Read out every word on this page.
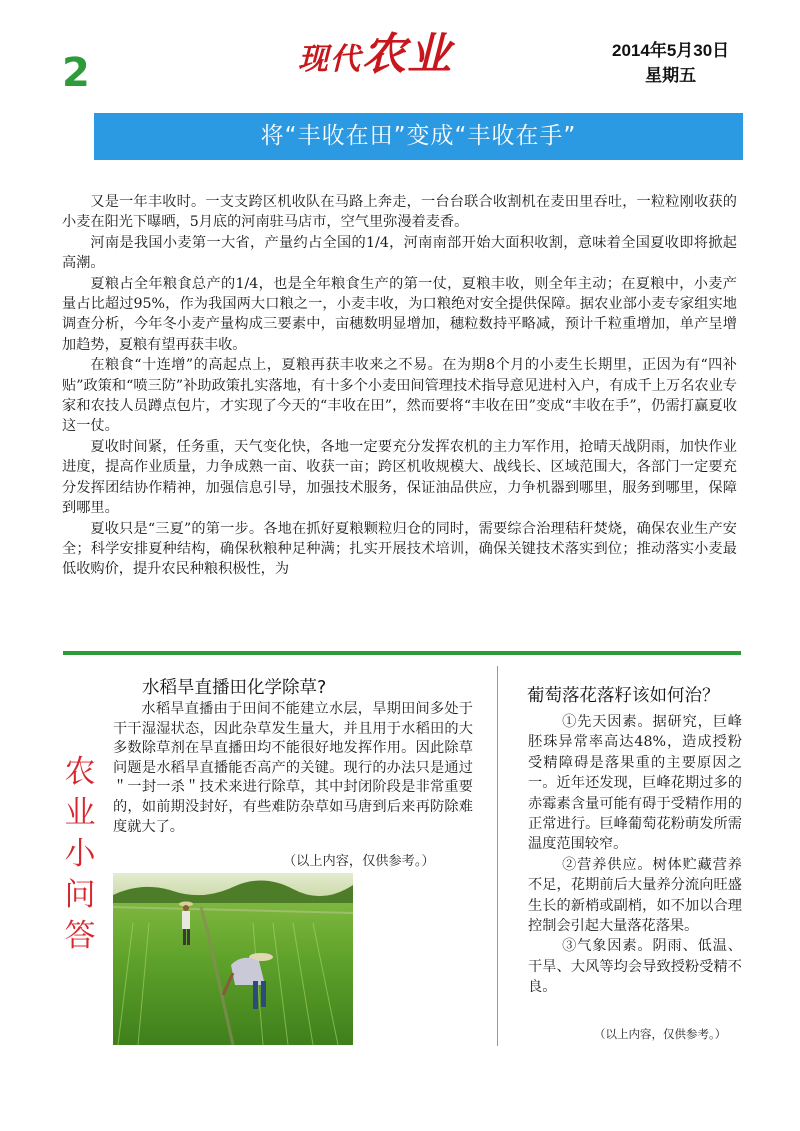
2	现代农业	2014年5月30日
星期五
将“丰收在田”变成“丰收在手”

又是一年丰收时。一支支跨区机收队在马路上奔走，一台台联合收割机在麦田里吞吐，一粒粒刚收获的小麦在阳光下曝晒，5月底的河南驻马店市，空气里弥漫着麦香。

河南是我国小麦第一大省，产量约占全国的1/4，河南南部开始大面积收割，意味着全国夏收即将掀起高潮。

夏粮占全年粮食总产的1/4，也是全年粮食生产的第一仗，夏粮丰收，则全年主动；在夏粮中，小麦产量占比超过95%，作为我国两大口粮之一，小麦丰收，为口粮绝对安全提供保障。据农业部小麦专家组实地调查分析，今年冬小麦产量构成三要素中，亩穗数明显增加，穗粒数持平略减，预计千粒重增加，单产呈增加趋势，夏粮有望再获丰收。

在粮食“十连增”的高起点上，夏粮再获丰收来之不易。在为期8个月的小麦生长期里，正因为有“四补贴”政策和“喷三防”补助政策扎实落地，有十多个小麦田间管理技术指导意见进村入户，有成千上万名农业专家和农技人员蹲点包片，才实现了今天的“丰收在田”，然而要将“丰收在田”变成“丰收在手”，仍需打赢夏收这一仗。

夏收时间紧，任务重，天气变化快，各地一定要充分发挥农机的主力军作用，抢晴天战阴雨，加快作业进度，提高作业质量，力争成熟一亩、收获一亩；跨区机收规模大、战线长、区域范围大，各部门一定要充分发挥团结协作精神，加强信息引导，加强技术服务，保证油品供应，力争机器到哪里，服务到哪里，保障到哪里。

夏收只是“三夏”的第一步。各地在抓好夏粮颗粒归仓的同时，需要综合治理秸秆焚烧，确保农业生产安全；科学安排夏种结构，确保秋粮种足种满；扎实开展技术培训，确保关键技术落实到位；推动落实小麦最低收购价，提升农民种粮积极性，为

农业小问答
水稻旱直播田化学除草?

水稻旱直播由于田间不能建立水层，旱期田间多处于干干湿湿状态，因此杂草发生量大，并且用于水稻田的大多数除草剂在旱直播田均不能很好地发挥作用。因此除草问题是水稻旱直播能否高产的关键。现行的办法只是通过＂一封一杀＂技术来进行除草，其中封闭阶段是非常重要的，如前期没封好，有些难防杂草如马唐到后来再防除难度就大了。

（以上内容，仅供参考。）
葡萄落花落籽该如何治？

①先天因素。据研究，巨峰胚珠异常率高达48%，造成授粉受精障碍是落果重的主要原因之一。近年还发现，巨峰花期过多的赤霉素含量可能有碍于受精作用的正常进行。巨峰葡萄花粉萌发所需温度范围较窄。

②营养供应。树体贮藏营养不足，花期前后大量养分流向旺盛生长的新梢或副梢，如不加以合理控制会引起大量落花落果。

③气象因素。阴雨、低温、干旱、大风等均会导致授粉受精不良。

（以上内容，仅供参考。）
